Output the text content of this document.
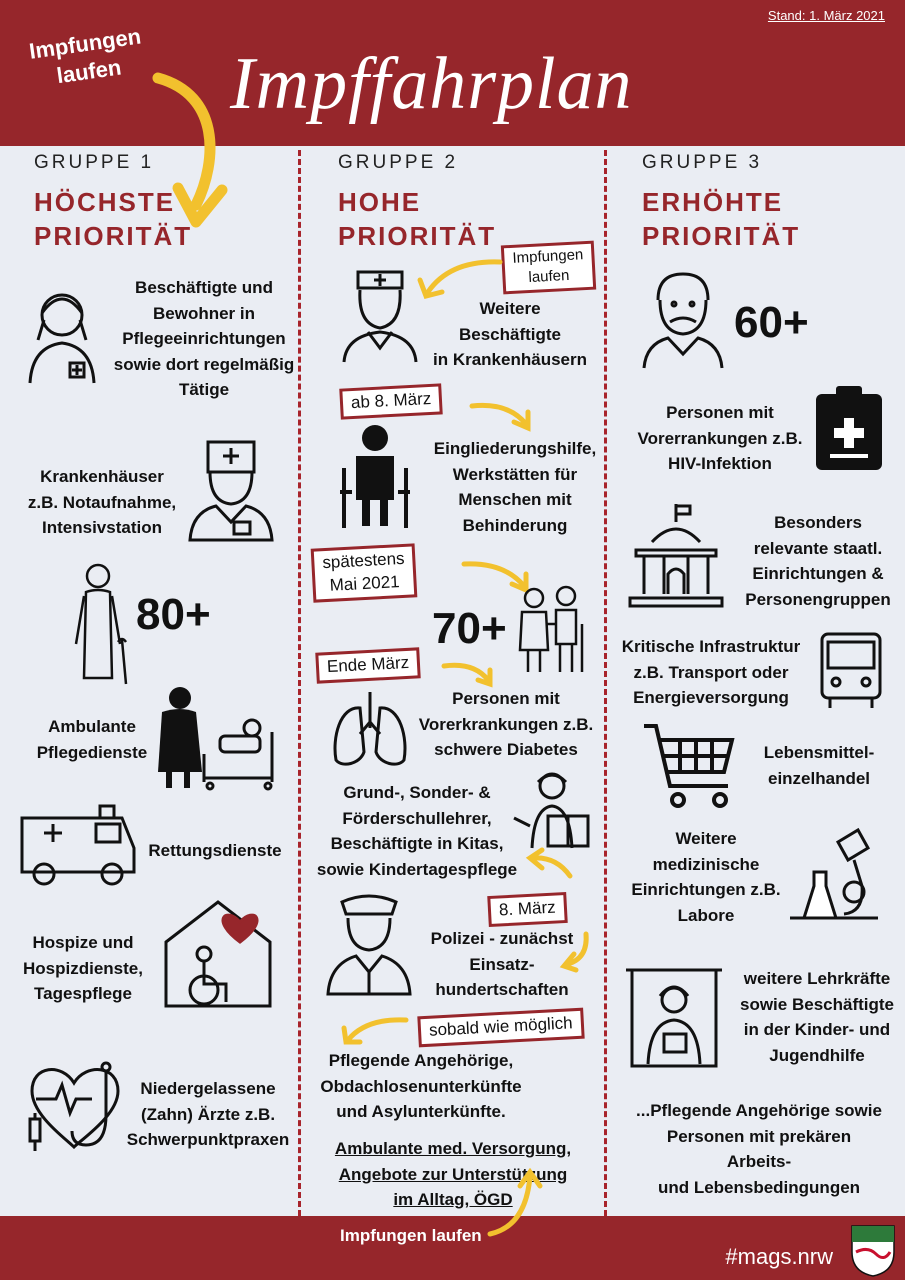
Impffahrplan
Stand: 1. März 2021
Impfungen
laufen
GRUPPE 1
HÖCHSTE
PRIORITÄT
Beschäftigte und
Bewohner in
Pflegeeinrichtungen
sowie dort regelmäßig
Tätige
Krankenhäuser
z.B. Notaufnahme,
Intensivstation
80+
Ambulante
Pflegedienste
Rettungsdienste
Hospize und
Hospizdienste,
Tagespflege
Niedergelassene
(Zahn) Ärzte z.B.
Schwerpunktpraxen
GRUPPE 2
HOHE
PRIORITÄT
Impfungen
laufen
Weitere
Beschäftigte
in Krankenhäusern
ab 8. März
Eingliederungshilfe,
Werkstätten für
Menschen mit
Behinderung
spätestens
Mai 2021
70+
Ende März
Personen mit
Vorerkrankungen z.B.
schwere Diabetes
Grund-, Sonder- &
Förderschullehrer,
Beschäftigte in Kitas,
sowie Kindertagespflege
8. März
Polizei - zunächst
Einsatz-
hundertschaften
sobald wie möglich
Pflegende Angehörige,
Obdachlosenunterkünfte
und Asylunterkünfte.
Ambulante med. Versorgung,
Angebote zur Unterstützung
im Alltag, ÖGD
GRUPPE 3
ERHÖHTE
PRIORITÄT
60+
Personen mit
Vorerrankungen z.B.
HIV-Infektion
Besonders
relevante staatl.
Einrichtungen &
Personengruppen
Kritische Infrastruktur
z.B. Transport oder
Energieversorgung
Lebensmittel-
einzelhandel
Weitere
medizinische
Einrichtungen z.B.
Labore
weitere Lehrkräfte
sowie Beschäftigte
in der Kinder- und
Jugendhilfe
...Pflegende Angehörige sowie
Personen mit prekären
Arbeits-
und Lebensbedingungen
Impfungen laufen
#mags.nrw
